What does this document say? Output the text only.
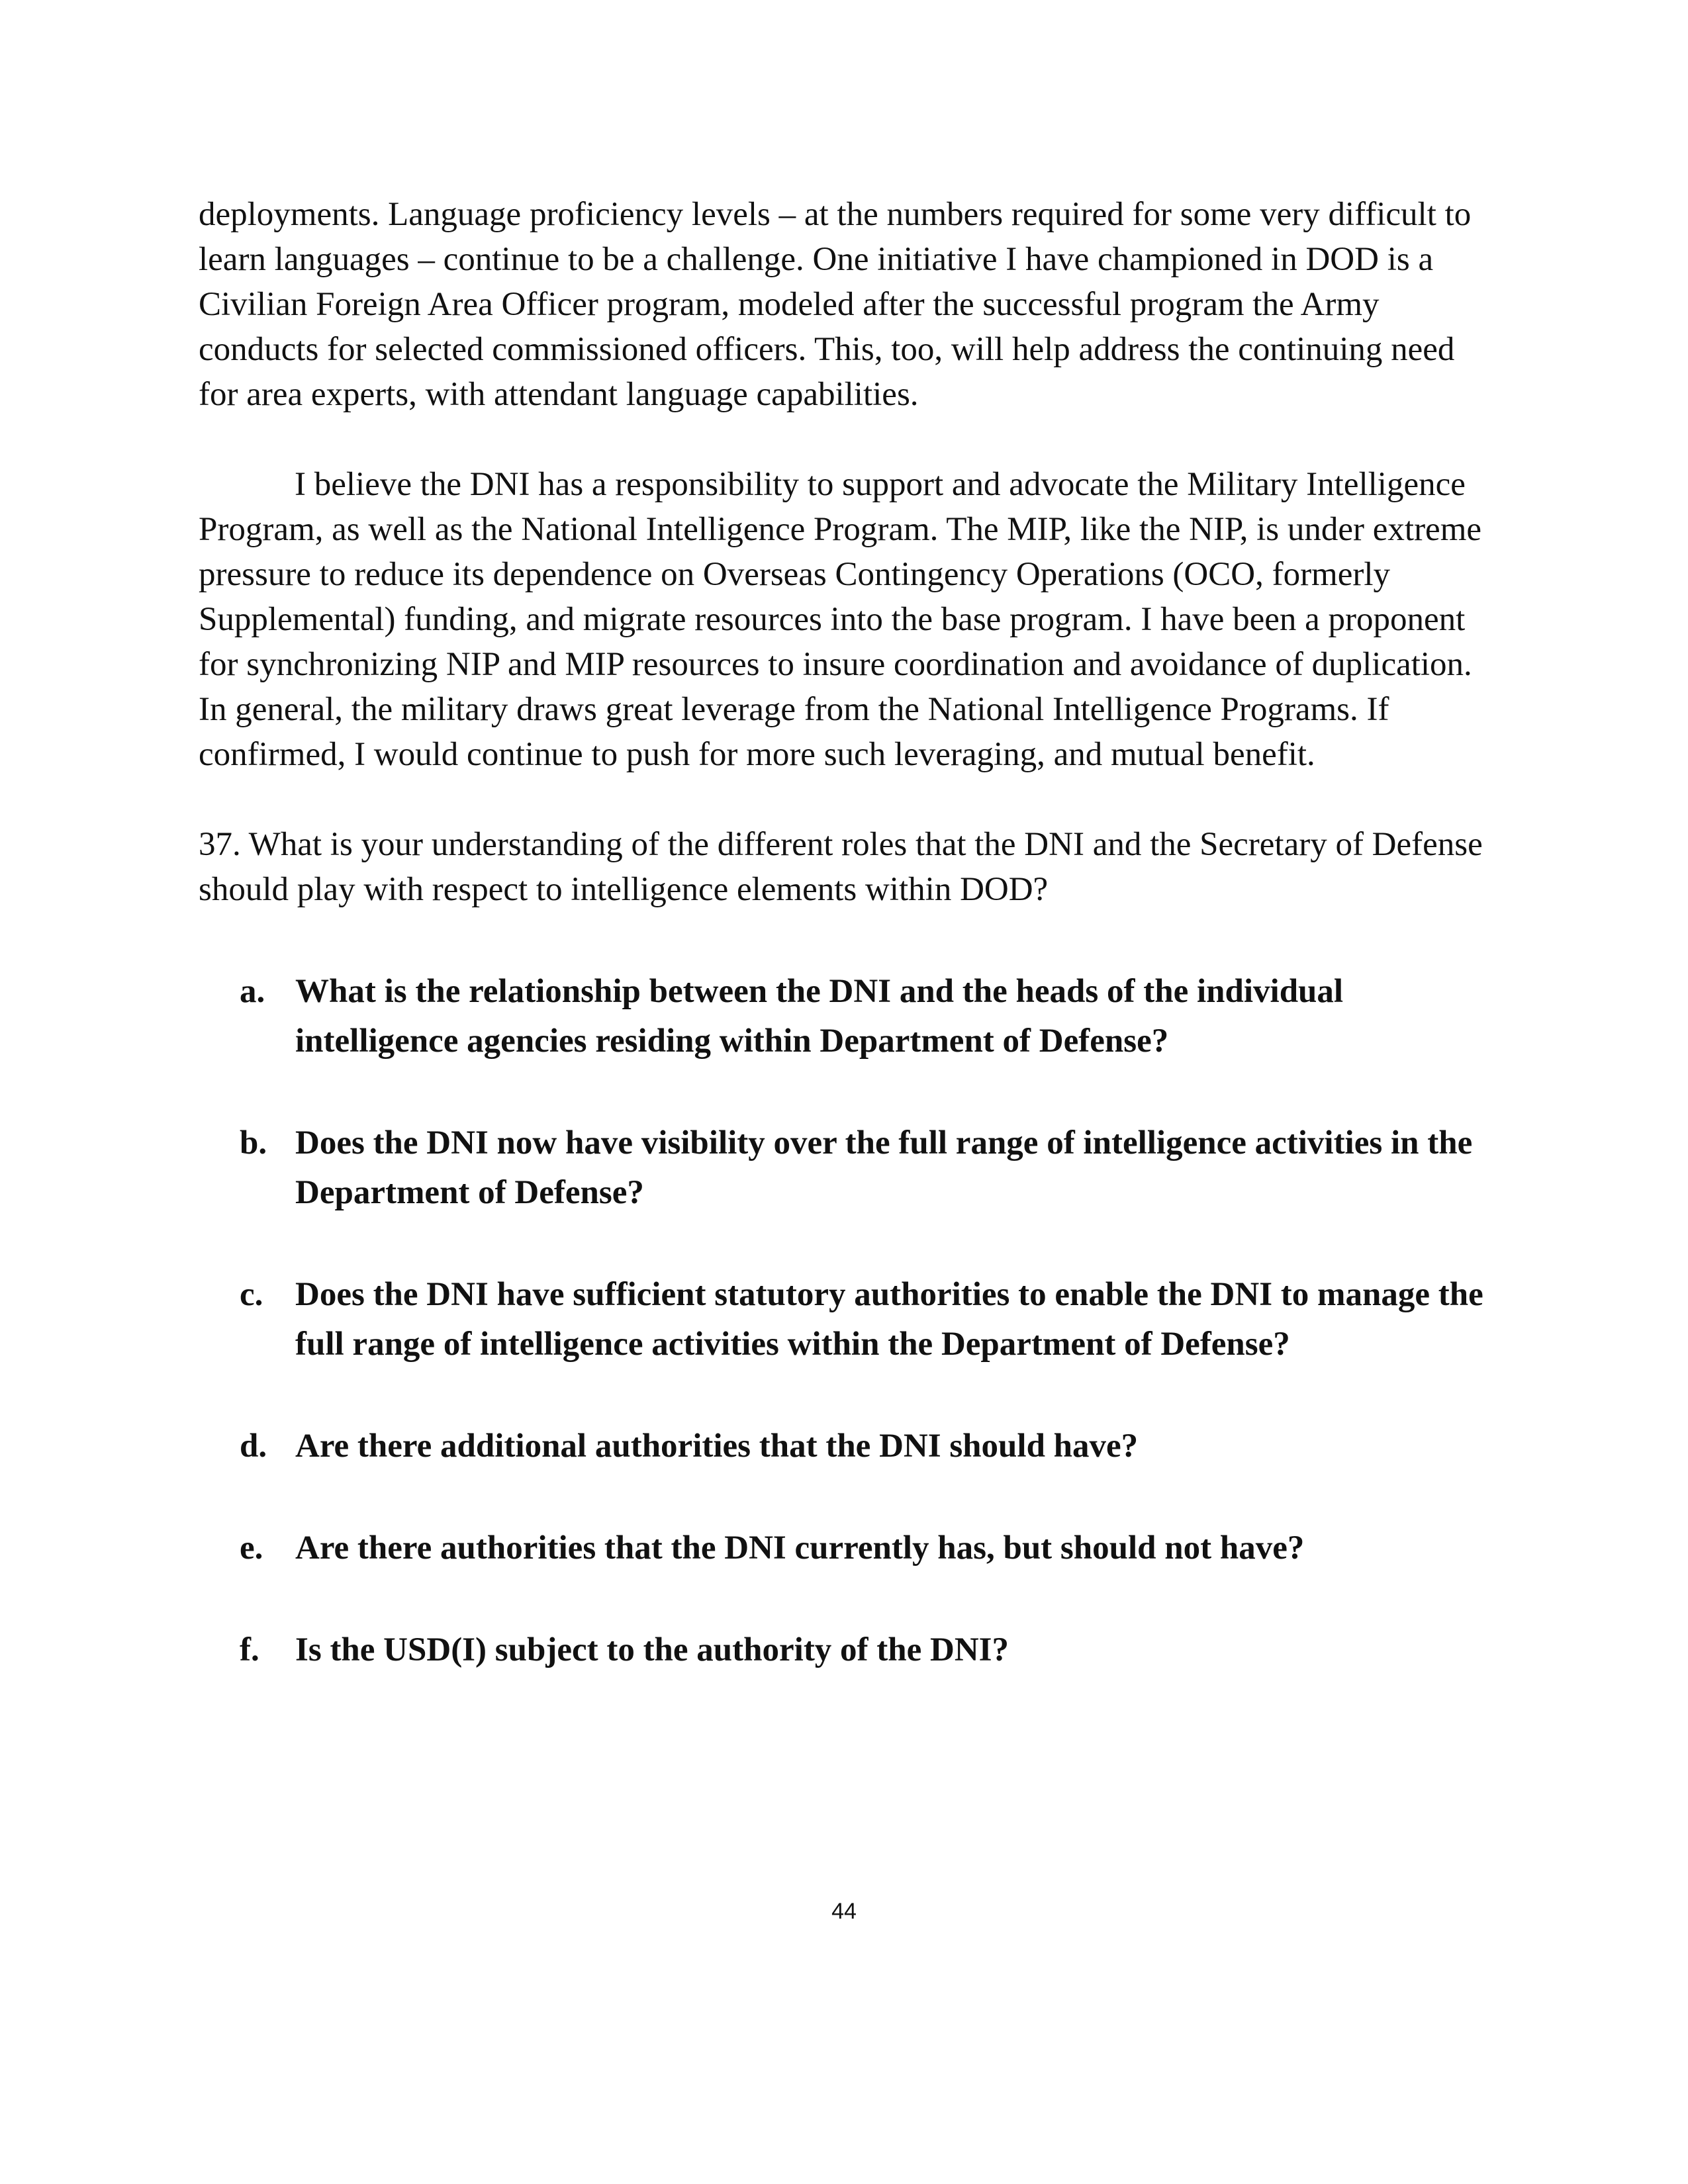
deployments. Language proficiency levels – at the numbers required for some very difficult to learn languages – continue to be a challenge. One initiative I have championed in DOD is a Civilian Foreign Area Officer program, modeled after the successful program the Army conducts for selected commissioned officers. This, too, will help address the continuing need for area experts, with attendant language capabilities.

I believe the DNI has a responsibility to support and advocate the Military Intelligence Program, as well as the National Intelligence Program. The MIP, like the NIP, is under extreme pressure to reduce its dependence on Overseas Contingency Operations (OCO, formerly Supplemental) funding, and migrate resources into the base program. I have been a proponent for synchronizing NIP and MIP resources to insure coordination and avoidance of duplication. In general, the military draws great leverage from the National Intelligence Programs. If confirmed, I would continue to push for more such leveraging, and mutual benefit.

37. What is your understanding of the different roles that the DNI and the Secretary of Defense should play with respect to intelligence elements within DOD?

a. What is the relationship between the DNI and the heads of the individual intelligence agencies residing within Department of Defense?
b. Does the DNI now have visibility over the full range of intelligence activities in the Department of Defense?
c. Does the DNI have sufficient statutory authorities to enable the DNI to manage the full range of intelligence activities within the Department of Defense?
d. Are there additional authorities that the DNI should have?
e. Are there authorities that the DNI currently has, but should not have?
f. Is the USD(I) subject to the authority of the DNI?
44
